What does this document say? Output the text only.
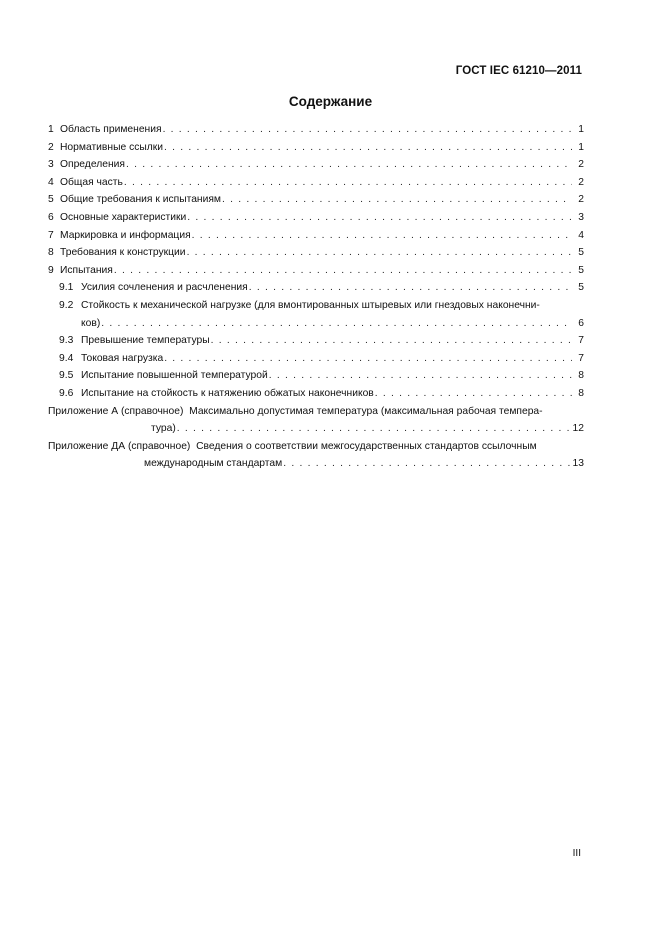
ГОСТ IEC 61210—2011
Содержание
1 Область применения . . .	1
2 Нормативные ссылки . . .	1
3 Определения . . .	2
4 Общая часть . . .	2
5 Общие требования к испытаниям . . .	2
6 Основные характеристики . . .	3
7 Маркировка и информация . . .	4
8 Требования к конструкции . . .	5
9 Испытания . . .	5
9.1 Усилия сочленения и расчленения . . .	5
9.2 Стойкость к механической нагрузке (для вмонтированных штыревых или гнездовых наконечни-
ков) . . .	6
9.3 Превышение температуры . . .	7
9.4 Токовая нагрузка . . .	7
9.5 Испытание повышенной температурой . . .	8
9.6 Испытание на стойкость к натяжению обжатых наконечников . . .	8
Приложение А (справочное) Максимально допустимая температура (максимальная рабочая темпера-
тура) . . .	12
Приложение ДА (справочное) Сведения о соответствии межгосударственных стандартов ссылочным
международным стандартам . . .	13
III
